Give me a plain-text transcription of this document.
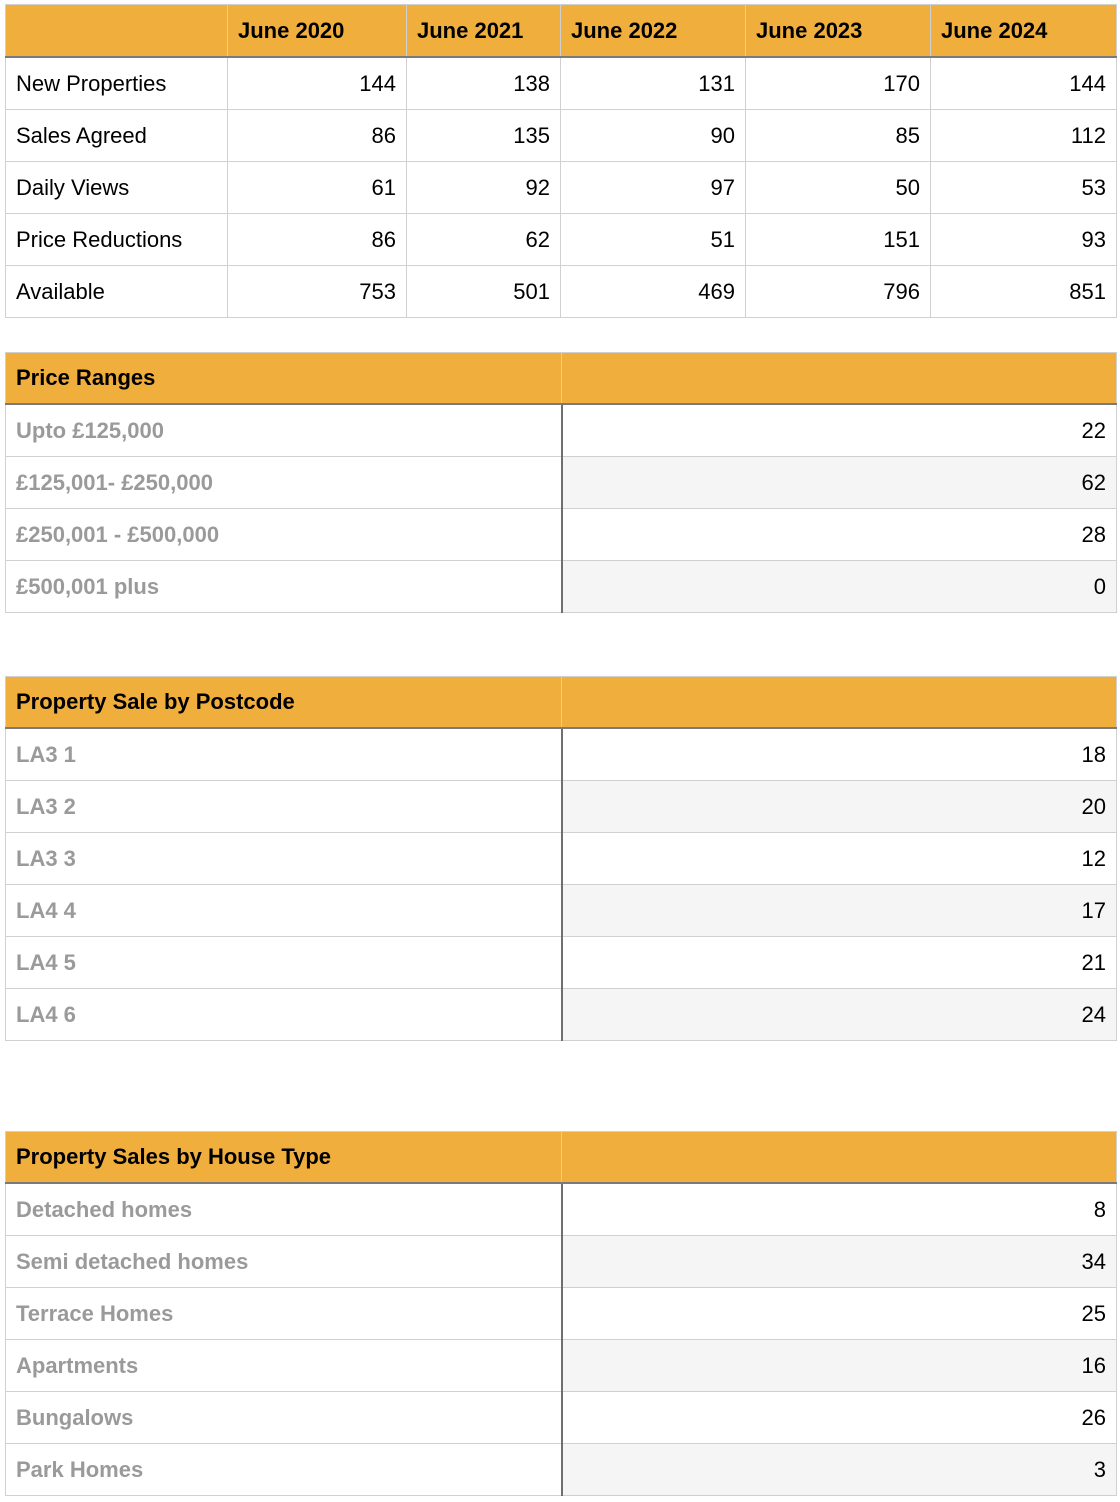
	June 2020	June 2021	June 2022	June 2023	June 2024
New Properties	144	138	131	170	144
Sales Agreed	86	135	90	85	112
Daily Views	61	92	97	50	53
Price Reductions	86	62	51	151	93
Available	753	501	469	796	851
Price Ranges	
Upto £125,000	22
£125,001- £250,000	62
£250,001 - £500,000	28
£500,001 plus	0
Property Sale by Postcode	
LA3 1	18
LA3 2	20
LA3 3	12
LA4 4	17
LA4 5	21
LA4 6	24
Property Sales by House Type	
Detached homes	8
Semi detached homes	34
Terrace Homes	25
Apartments	16
Bungalows	26
Park Homes	3
